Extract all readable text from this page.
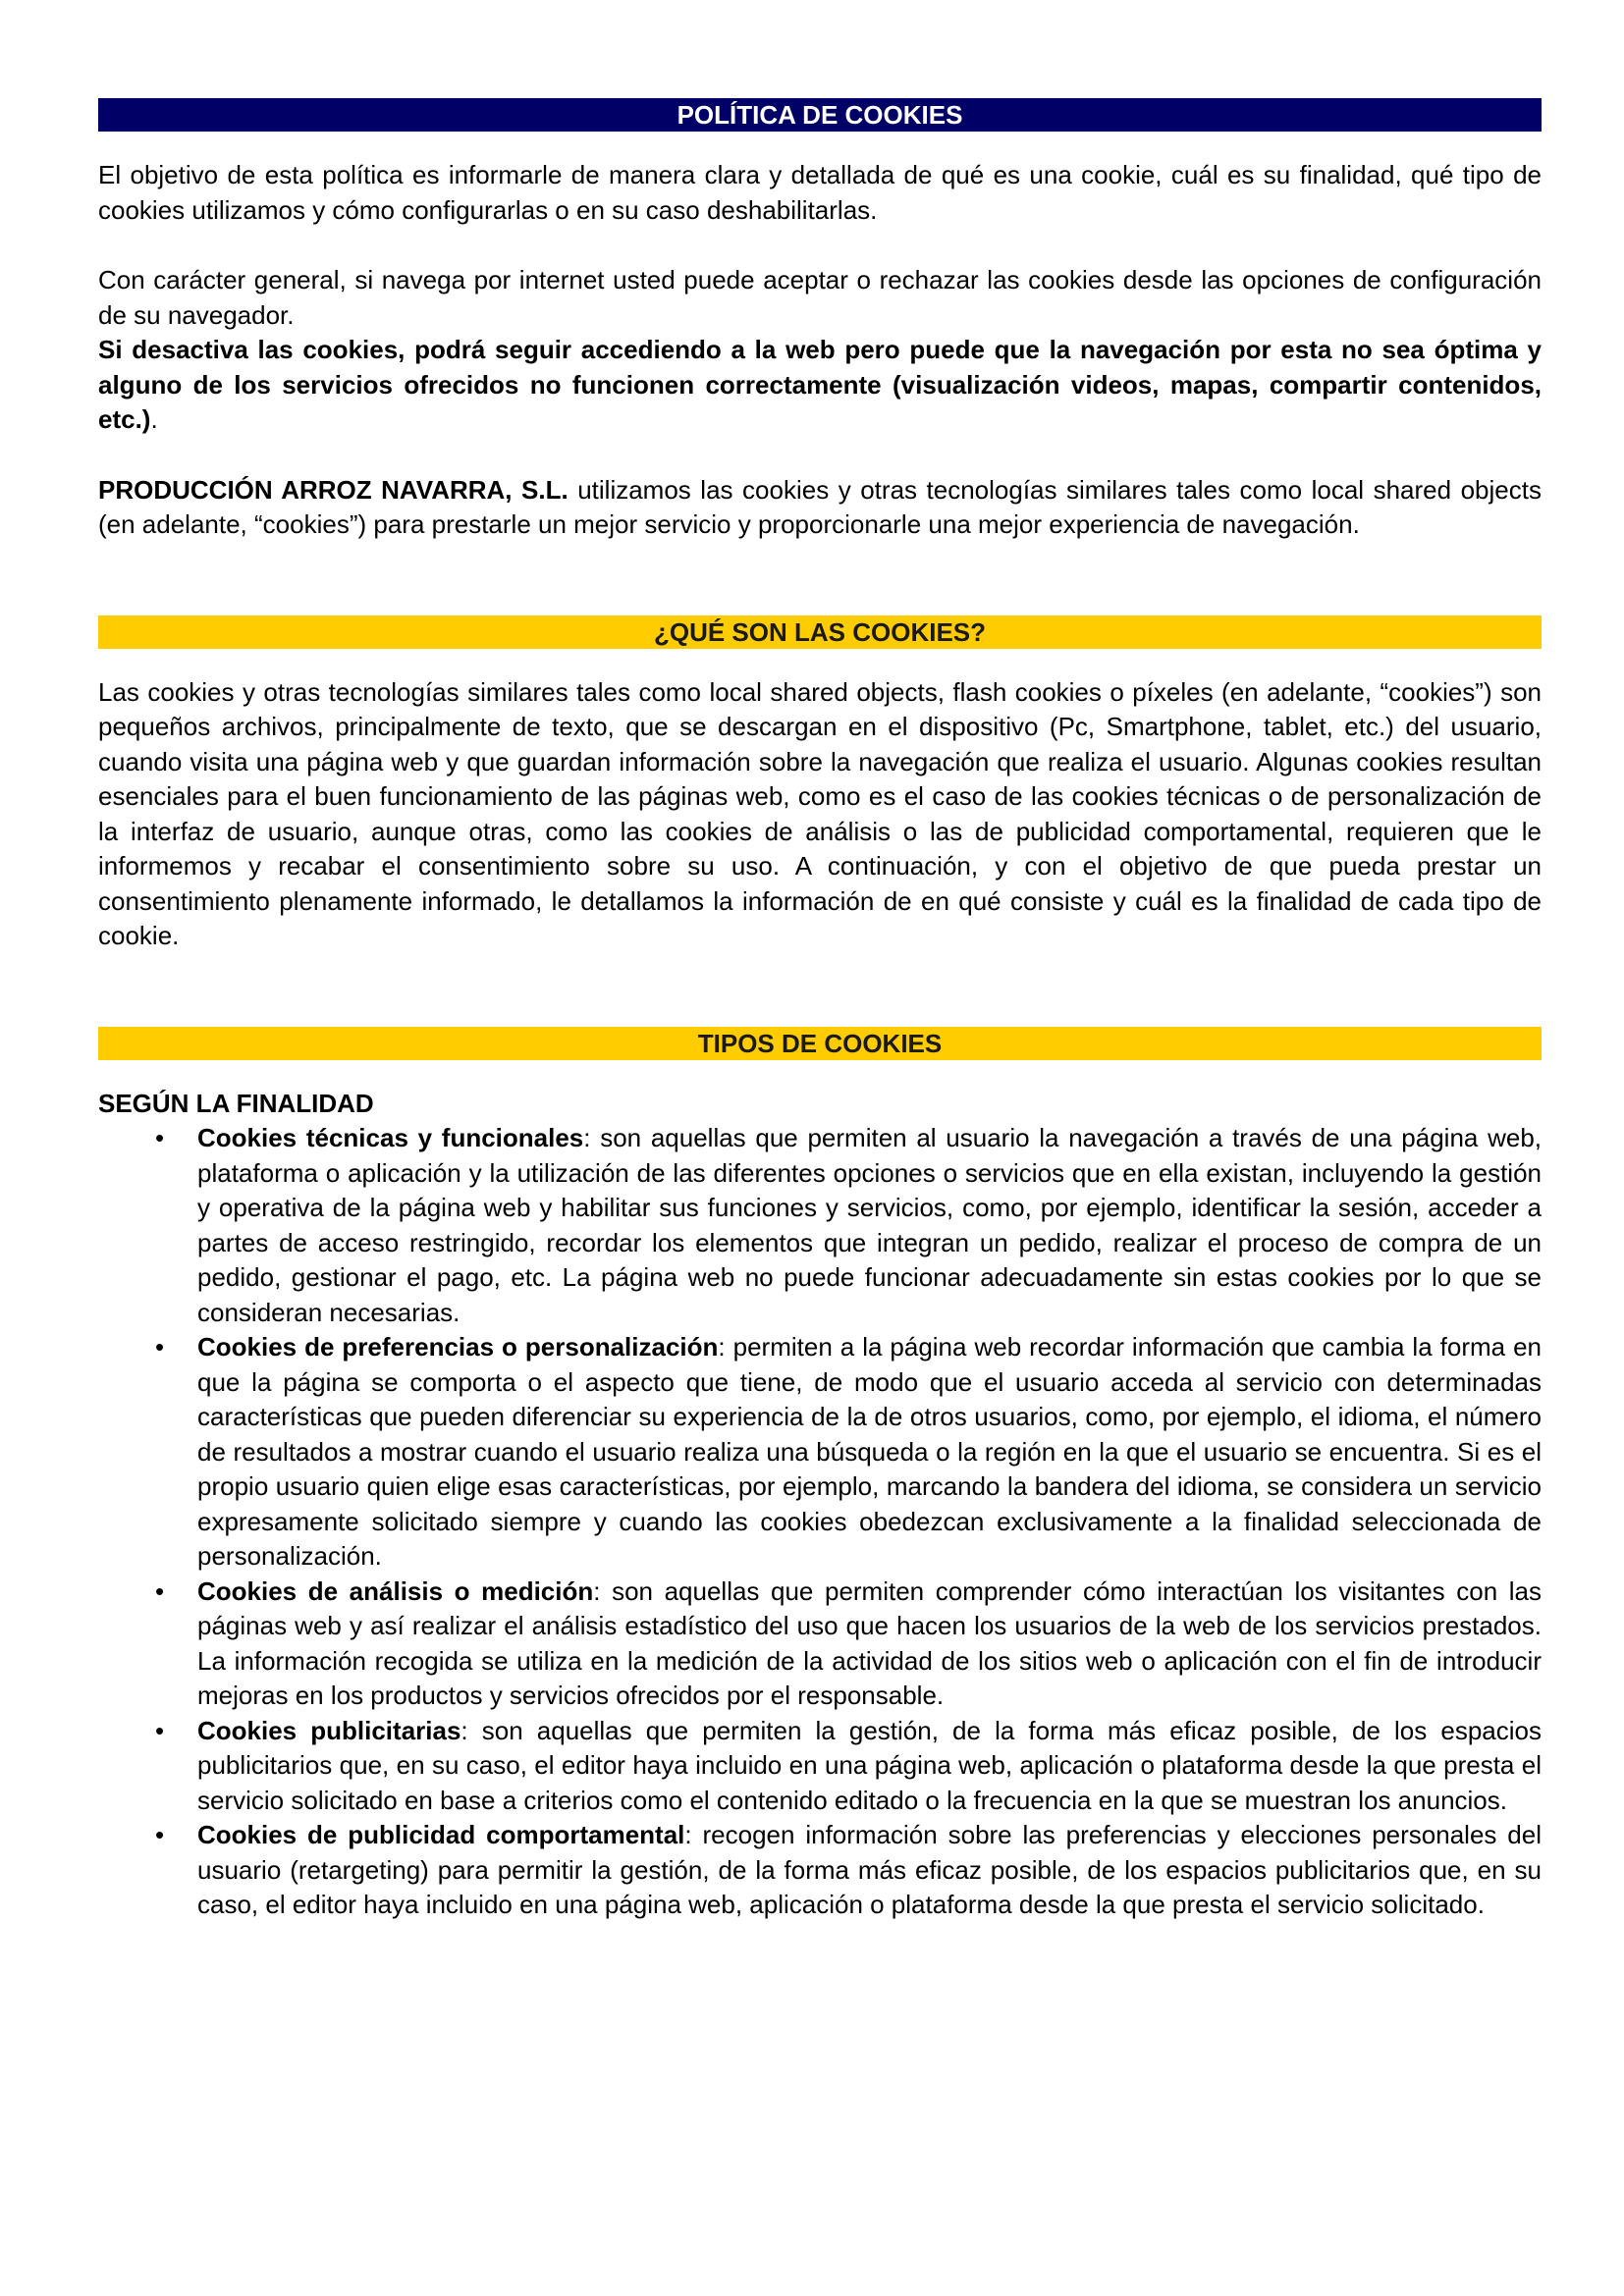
POLÍTICA DE COOKIES

El objetivo de esta política es informarle de manera clara y detallada de qué es una cookie, cuál es su finalidad, qué tipo de cookies utilizamos y cómo configurarlas o en su caso deshabilitarlas.

Con carácter general, si navega por internet usted puede aceptar o rechazar las cookies desde las opciones de configuración de su navegador.

Si desactiva las cookies, podrá seguir accediendo a la web pero puede que la navegación por esta no sea óptima y alguno de los servicios ofrecidos no funcionen correctamente (visualización videos, mapas, compartir contenidos, etc.).

PRODUCCIÓN ARROZ NAVARRA, S.L. utilizamos las cookies y otras tecnologías similares tales como local shared objects (en adelante, “cookies”) para prestarle un mejor servicio y proporcionarle una mejor experiencia de navegación.

¿QUÉ SON LAS COOKIES?

Las cookies y otras tecnologías similares tales como local shared objects, flash cookies o píxeles (en adelante, “cookies”) son pequeños archivos, principalmente de texto, que se descargan en el dispositivo (Pc, Smartphone, tablet, etc.) del usuario, cuando visita una página web y que guardan información sobre la navegación que realiza el usuario. Algunas cookies resultan esenciales para el buen funcionamiento de las páginas web, como es el caso de las cookies técnicas o de personalización de la interfaz de usuario, aunque otras, como las cookies de análisis o las de publicidad comportamental, requieren que le informemos y recabar el consentimiento sobre su uso. A continuación, y con el objetivo de que pueda prestar un consentimiento plenamente informado, le detallamos la información de en qué consiste y cuál es la finalidad de cada tipo de cookie.

TIPOS DE COOKIES
SEGÚN LA FINALIDAD
• Cookies técnicas y funcionales: son aquellas que permiten al usuario la navegación a través de una página web, plataforma o aplicación y la utilización de las diferentes opciones o servicios que en ella existan, incluyendo la gestión y operativa de la página web y habilitar sus funciones y servicios, como, por ejemplo, identificar la sesión, acceder a partes de acceso restringido, recordar los elementos que integran un pedido, realizar el proceso de compra de un pedido, gestionar el pago, etc. La página web no puede funcionar adecuadamente sin estas cookies por lo que se consideran necesarias.
• Cookies de preferencias o personalización: permiten a la página web recordar información que cambia la forma en que la página se comporta o el aspecto que tiene, de modo que el usuario acceda al servicio con determinadas características que pueden diferenciar su experiencia de la de otros usuarios, como, por ejemplo, el idioma, el número de resultados a mostrar cuando el usuario realiza una búsqueda o la región en la que el usuario se encuentra. Si es el propio usuario quien elige esas características, por ejemplo, marcando la bandera del idioma, se considera un servicio expresamente solicitado siempre y cuando las cookies obedezcan exclusivamente a la finalidad seleccionada de personalización.
• Cookies de análisis o medición: son aquellas que permiten comprender cómo interactúan los visitantes con las páginas web y así realizar el análisis estadístico del uso que hacen los usuarios de la web de los servicios prestados. La información recogida se utiliza en la medición de la actividad de los sitios web o aplicación con el fin de introducir mejoras en los productos y servicios ofrecidos por el responsable.
• Cookies publicitarias: son aquellas que permiten la gestión, de la forma más eficaz posible, de los espacios publicitarios que, en su caso, el editor haya incluido en una página web, aplicación o plataforma desde la que presta el servicio solicitado en base a criterios como el contenido editado o la frecuencia en la que se muestran los anuncios.
• Cookies de publicidad comportamental: recogen información sobre las preferencias y elecciones personales del usuario (retargeting) para permitir la gestión, de la forma más eficaz posible, de los espacios publicitarios que, en su caso, el editor haya incluido en una página web, aplicación o plataforma desde la que presta el servicio solicitado.
